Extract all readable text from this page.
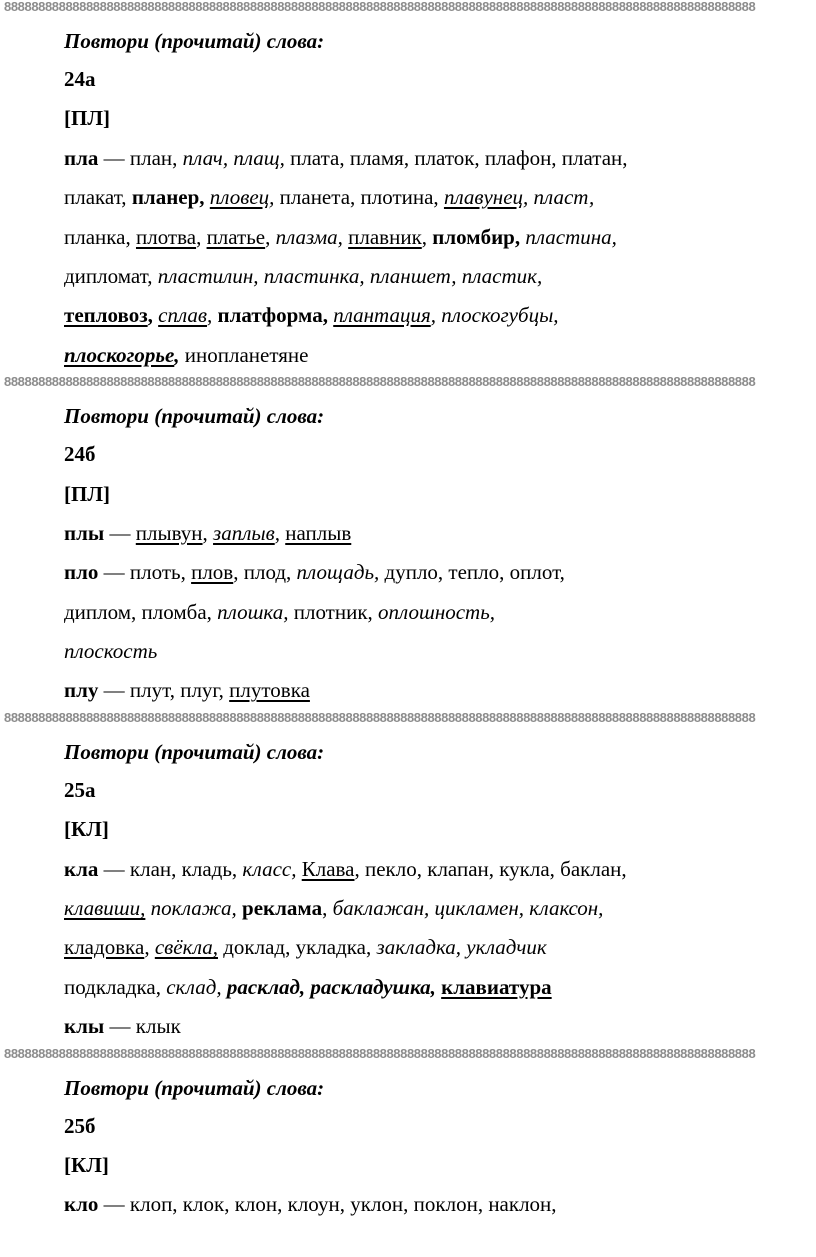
88888888888888888888888888888888888888888888888888888888888888888888888888888888888888888888888888888888888888
Повтори (прочитай) слова:
24а
[ПЛ]
пла — план, плач, плащ, плата, пламя, платок, плафон, платан,
плакат, планер, пловец, планета, плотина, плавунец, пласт,
планка, плотва, платье, плазма, плавник, пломбир, пластина,
дипломат, пластилин, пластинка, планшет, пластик,
тепловоз, сплав, платформа, плантация, плоскогубцы,
плоскогорье, инопланетяне
88888888888888888888888888888888888888888888888888888888888888888888888888888888888888888888888888888888888888
Повтори (прочитай) слова:
24б
[ПЛ]
плы — плывун, заплыв, наплыв
пло — плоть, плов, плод, площадь, дупло, тепло, оплот,
диплом, пломба, плошка, плотник, оплошность,
плоскость
плу — плут, плуг, плутовка
88888888888888888888888888888888888888888888888888888888888888888888888888888888888888888888888888888888888888
Повтори (прочитай) слова:
25а
[КЛ]
кла — клан, кладь, класс, Клава, пекло, клапан, кукла, баклан,
клавиши, поклажа, реклама, баклажан, цикламен, клаксон,
кладовка, свёкла, доклад, укладка, закладка, укладчик
подкладка, склад, расклад, раскладушка, клавиатура
клы — клык
88888888888888888888888888888888888888888888888888888888888888888888888888888888888888888888888888888888888888
Повтори (прочитай) слова:
25б
[КЛ]
кло — клоп, клок, клон, клоун, уклон, поклон, наклон,
